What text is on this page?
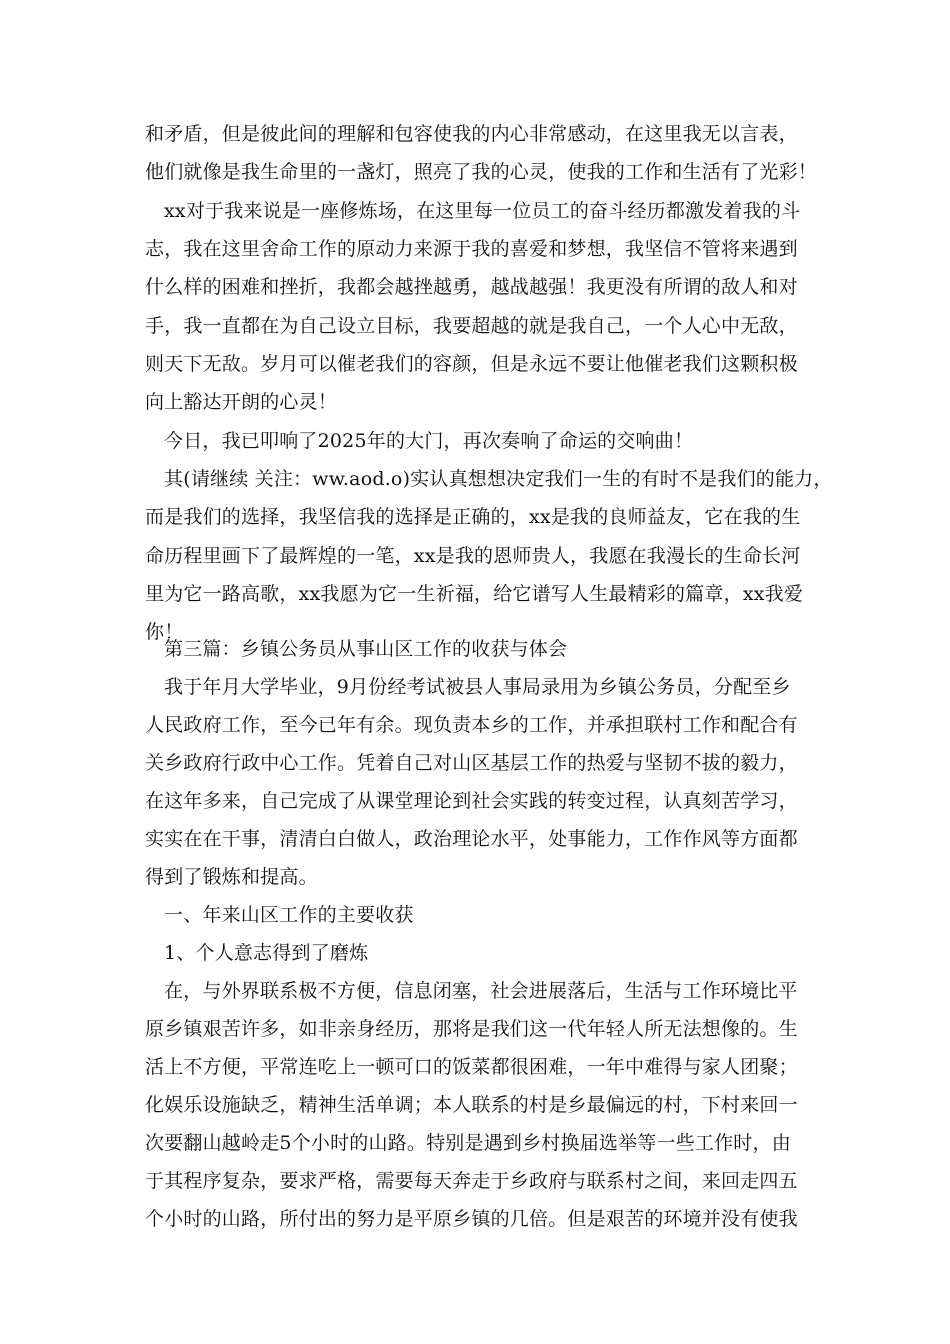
和矛盾，但是彼此间的理解和包容使我的内心非常感动，在这里我无以言表，
他们就像是我生命里的一盏灯，照亮了我的心灵，使我的工作和生活有了光彩！
xx对于我来说是一座修炼场，在这里每一位员工的奋斗经历都激发着我的斗
志，我在这里舍命工作的原动力来源于我的喜爱和梦想，我坚信不管将来遇到
什么样的困难和挫折，我都会越挫越勇，越战越强！我更没有所谓的敌人和对
手，我一直都在为自己设立目标，我要超越的就是我自己，一个人心中无敌，
则天下无敌。岁月可以催老我们的容颜，但是永远不要让他催老我们这颗积极
向上豁达开朗的心灵！
今日，我已叩响了2025年的大门，再次奏响了命运的交响曲！
其(请继续 关注：ww.aod.o)实认真想想决定我们一生的有时不是我们的能力，
而是我们的选择，我坚信我的选择是正确的，xx是我的良师益友，它在我的生
命历程里画下了最辉煌的一笔，xx是我的恩师贵人，我愿在我漫长的生命长河
里为它一路高歌，xx我愿为它一生祈福，给它谱写人生最精彩的篇章，xx我爱
你！
第三篇：乡镇公务员从事山区工作的收获与体会
我于年月大学毕业，9月份经考试被县人事局录用为乡镇公务员，分配至乡
人民政府工作，至今已年有余。现负责本乡的工作，并承担联村工作和配合有
关乡政府行政中心工作。凭着自己对山区基层工作的热爱与坚韧不拔的毅力，
在这年多来，自己完成了从课堂理论到社会实践的转变过程，认真刻苦学习，
实实在在干事，清清白白做人，政治理论水平，处事能力，工作作风等方面都
得到了锻炼和提高。
一、年来山区工作的主要收获
1、个人意志得到了磨炼
在，与外界联系极不方便，信息闭塞，社会进展落后，生活与工作环境比平
原乡镇艰苦许多，如非亲身经历，那将是我们这一代年轻人所无法想像的。生
活上不方便，平常连吃上一顿可口的饭菜都很困难，一年中难得与家人团聚；
化娱乐设施缺乏，精神生活单调；本人联系的村是乡最偏远的村，下村来回一
次要翻山越岭走5个小时的山路。特别是遇到乡村换届选举等一些工作时，由
于其程序复杂，要求严格，需要每天奔走于乡政府与联系村之间，来回走四五
个小时的山路，所付出的努力是平原乡镇的几倍。但是艰苦的环境并没有使我
